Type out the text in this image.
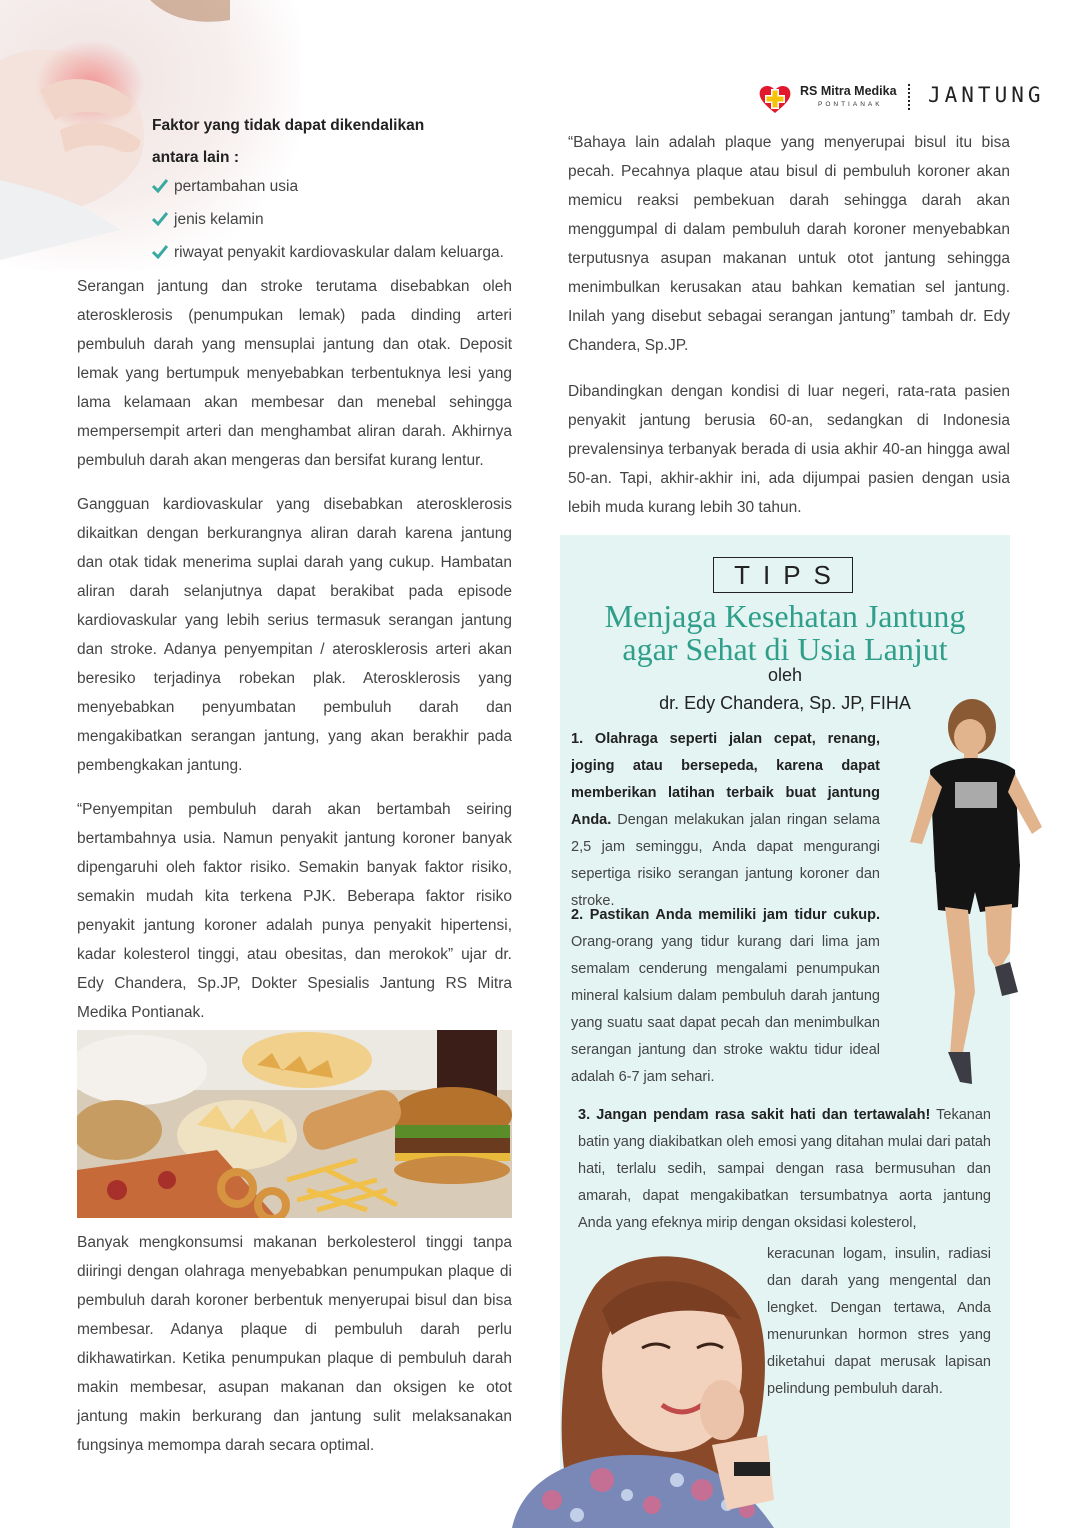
RS Mitra Medika
PONTIANAK JANTUNG
Faktor yang tidak dapat dikendalikan
antara lain :
pertambahan usia
jenis kelamin
riwayat penyakit kardiovaskular dalam keluarga.

Serangan jantung dan stroke terutama disebabkan oleh aterosklerosis (penumpukan lemak) pada dinding arteri pembuluh darah yang mensuplai jantung dan otak. Deposit lemak yang bertumpuk menyebabkan terbentuknya lesi yang lama kelamaan akan membesar dan menebal sehingga mempersempit arteri dan menghambat aliran darah. Akhirnya pembuluh darah akan mengeras dan bersifat kurang lentur.

Gangguan kardiovaskular yang disebabkan aterosklerosis dikaitkan dengan berkurangnya aliran darah karena jantung dan otak tidak menerima suplai darah yang cukup. Hambatan aliran darah selanjutnya dapat berakibat pada episode kardiovaskular yang lebih serius termasuk serangan jantung dan stroke. Adanya penyempitan / aterosklerosis arteri akan beresiko terjadinya robekan plak. Aterosklerosis yang menyebabkan penyumbatan pembuluh darah dan mengakibatkan serangan jantung, yang akan berakhir pada pembengkakan jantung.

“Penyempitan pembuluh darah akan bertambah seiring bertambahnya usia. Namun penyakit jantung koroner banyak dipengaruhi oleh faktor risiko. Semakin banyak faktor risiko, semakin mudah kita terkena PJK. Beberapa faktor risiko penyakit jantung koroner adalah punya penyakit hipertensi, kadar kolesterol tinggi, atau obesitas, dan merokok” ujar dr. Edy Chandera, Sp.JP, Dokter Spesialis Jantung RS Mitra Medika Pontianak.

Banyak mengkonsumsi makanan berkolesterol tinggi tanpa diiringi dengan olahraga menyebabkan penumpukan plaque di pembuluh darah koroner berbentuk menyerupai bisul dan bisa membesar. Adanya plaque di pembuluh darah perlu dikhawatirkan. Ketika penumpukan plaque di pembuluh darah makin membesar, asupan makanan dan oksigen ke otot jantung makin berkurang dan jantung sulit melaksanakan fungsinya memompa darah secara optimal.

“Bahaya lain adalah plaque yang menyerupai bisul itu bisa pecah. Pecahnya plaque atau bisul di pembuluh koroner akan memicu reaksi pembekuan darah sehingga darah akan menggumpal di dalam pembuluh darah koroner menyebabkan terputusnya asupan makanan untuk otot jantung sehingga menimbulkan kerusakan atau bahkan kematian sel jantung. Inilah yang disebut sebagai serangan jantung” tambah dr. Edy Chandera, Sp.JP.

Dibandingkan dengan kondisi di luar negeri, rata-rata pasien penyakit jantung berusia 60-an, sedangkan di Indonesia prevalensinya terbanyak berada di usia akhir 40-an hingga awal 50-an. Tapi, akhir-akhir ini, ada dijumpai pasien dengan usia lebih muda kurang lebih 30 tahun.

TIPS
Menjaga Kesehatan Jantung
agar Sehat di Usia Lanjut
oleh
dr. Edy Chandera, Sp. JP, FIHA

1. Olahraga seperti jalan cepat, renang, joging atau bersepeda, karena dapat memberikan latihan terbaik buat jantung Anda. Dengan melakukan jalan ringan selama 2,5 jam seminggu, Anda dapat mengurangi sepertiga risiko serangan jantung koroner dan stroke.

2. Pastikan Anda memiliki jam tidur cukup. Orang-orang yang tidur kurang dari lima jam semalam cenderung mengalami penumpukan mineral kalsium dalam pembuluh darah jantung yang suatu saat dapat pecah dan menimbulkan serangan jantung dan stroke waktu tidur ideal adalah 6-7 jam sehari.

3. Jangan pendam rasa sakit hati dan tertawalah! Tekanan batin yang diakibatkan oleh emosi yang ditahan mulai dari patah hati, terlalu sedih, sampai dengan rasa bermusuhan dan amarah, dapat mengakibatkan tersumbatnya aorta jantung Anda yang efeknya mirip dengan oksidasi kolesterol,

keracunan logam, insulin, radiasi dan darah yang mengental dan lengket. Dengan tertawa, Anda menurunkan hormon stres yang diketahui dapat merusak lapisan pelindung pembuluh darah.
